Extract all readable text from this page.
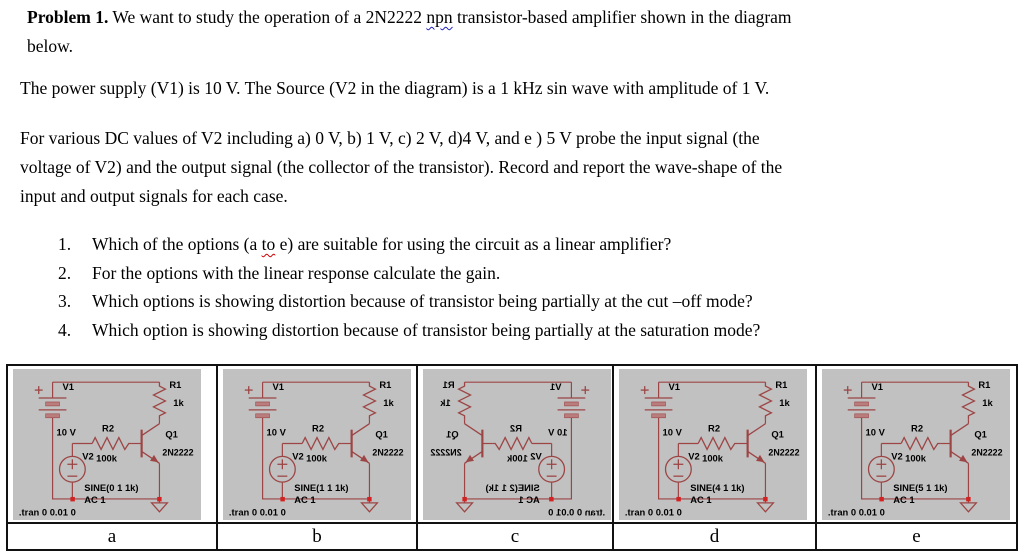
Problem 1. We want to study the operation of a 2N2222 npn transistor-based amplifier shown in the diagram
below.
The power supply (V1) is 10 V. The Source (V2 in the diagram) is a 1 kHz sin wave with amplitude of 1 V.
For various DC values of V2 including a) 0 V, b) 1 V, c) 2 V, d)4 V, and e ) 5 V probe the input signal (the
voltage of V2) and the output signal (the collector of the transistor). Record and report the wave-shape of the
input and output signals for each case.
1.	Which of the options (a to e) are suitable for using the circuit as a linear amplifier?
2.	For the options with the linear response calculate the gain.
3.	Which options is showing distortion because of transistor being partially at the cut –off mode?
4.	Which option is showing distortion because of transistor being partially at the saturation mode?
V1
10 V
R1
1k
R2
100k
Q1
2N2222
V2
SINE(0 1 1k)
AC 1
.tran 0 0.01 0
V1
10 V
R1
1k
R2
100k
Q1
2N2222
V2
SINE(1 1 1k)
AC 1
.tran 0 0.01 0
V1
10 V
R1
1k
R2
100k
Q1
2N2222	V2
SINE(2 1 1k)
AC 1
.tran 0 0.01 0
V1
10 V
R1
1k
R2
100k
Q1
2N2222
V2
SINE(4 1 1k)
AC 1
.tran 0 0.01 0
V1
10 V
R1
1k
R2
100k
Q1
2N2222
V2
SINE(5 1 1k)
AC 1
.tran 0 0.01 0
a	b	c	d	e
